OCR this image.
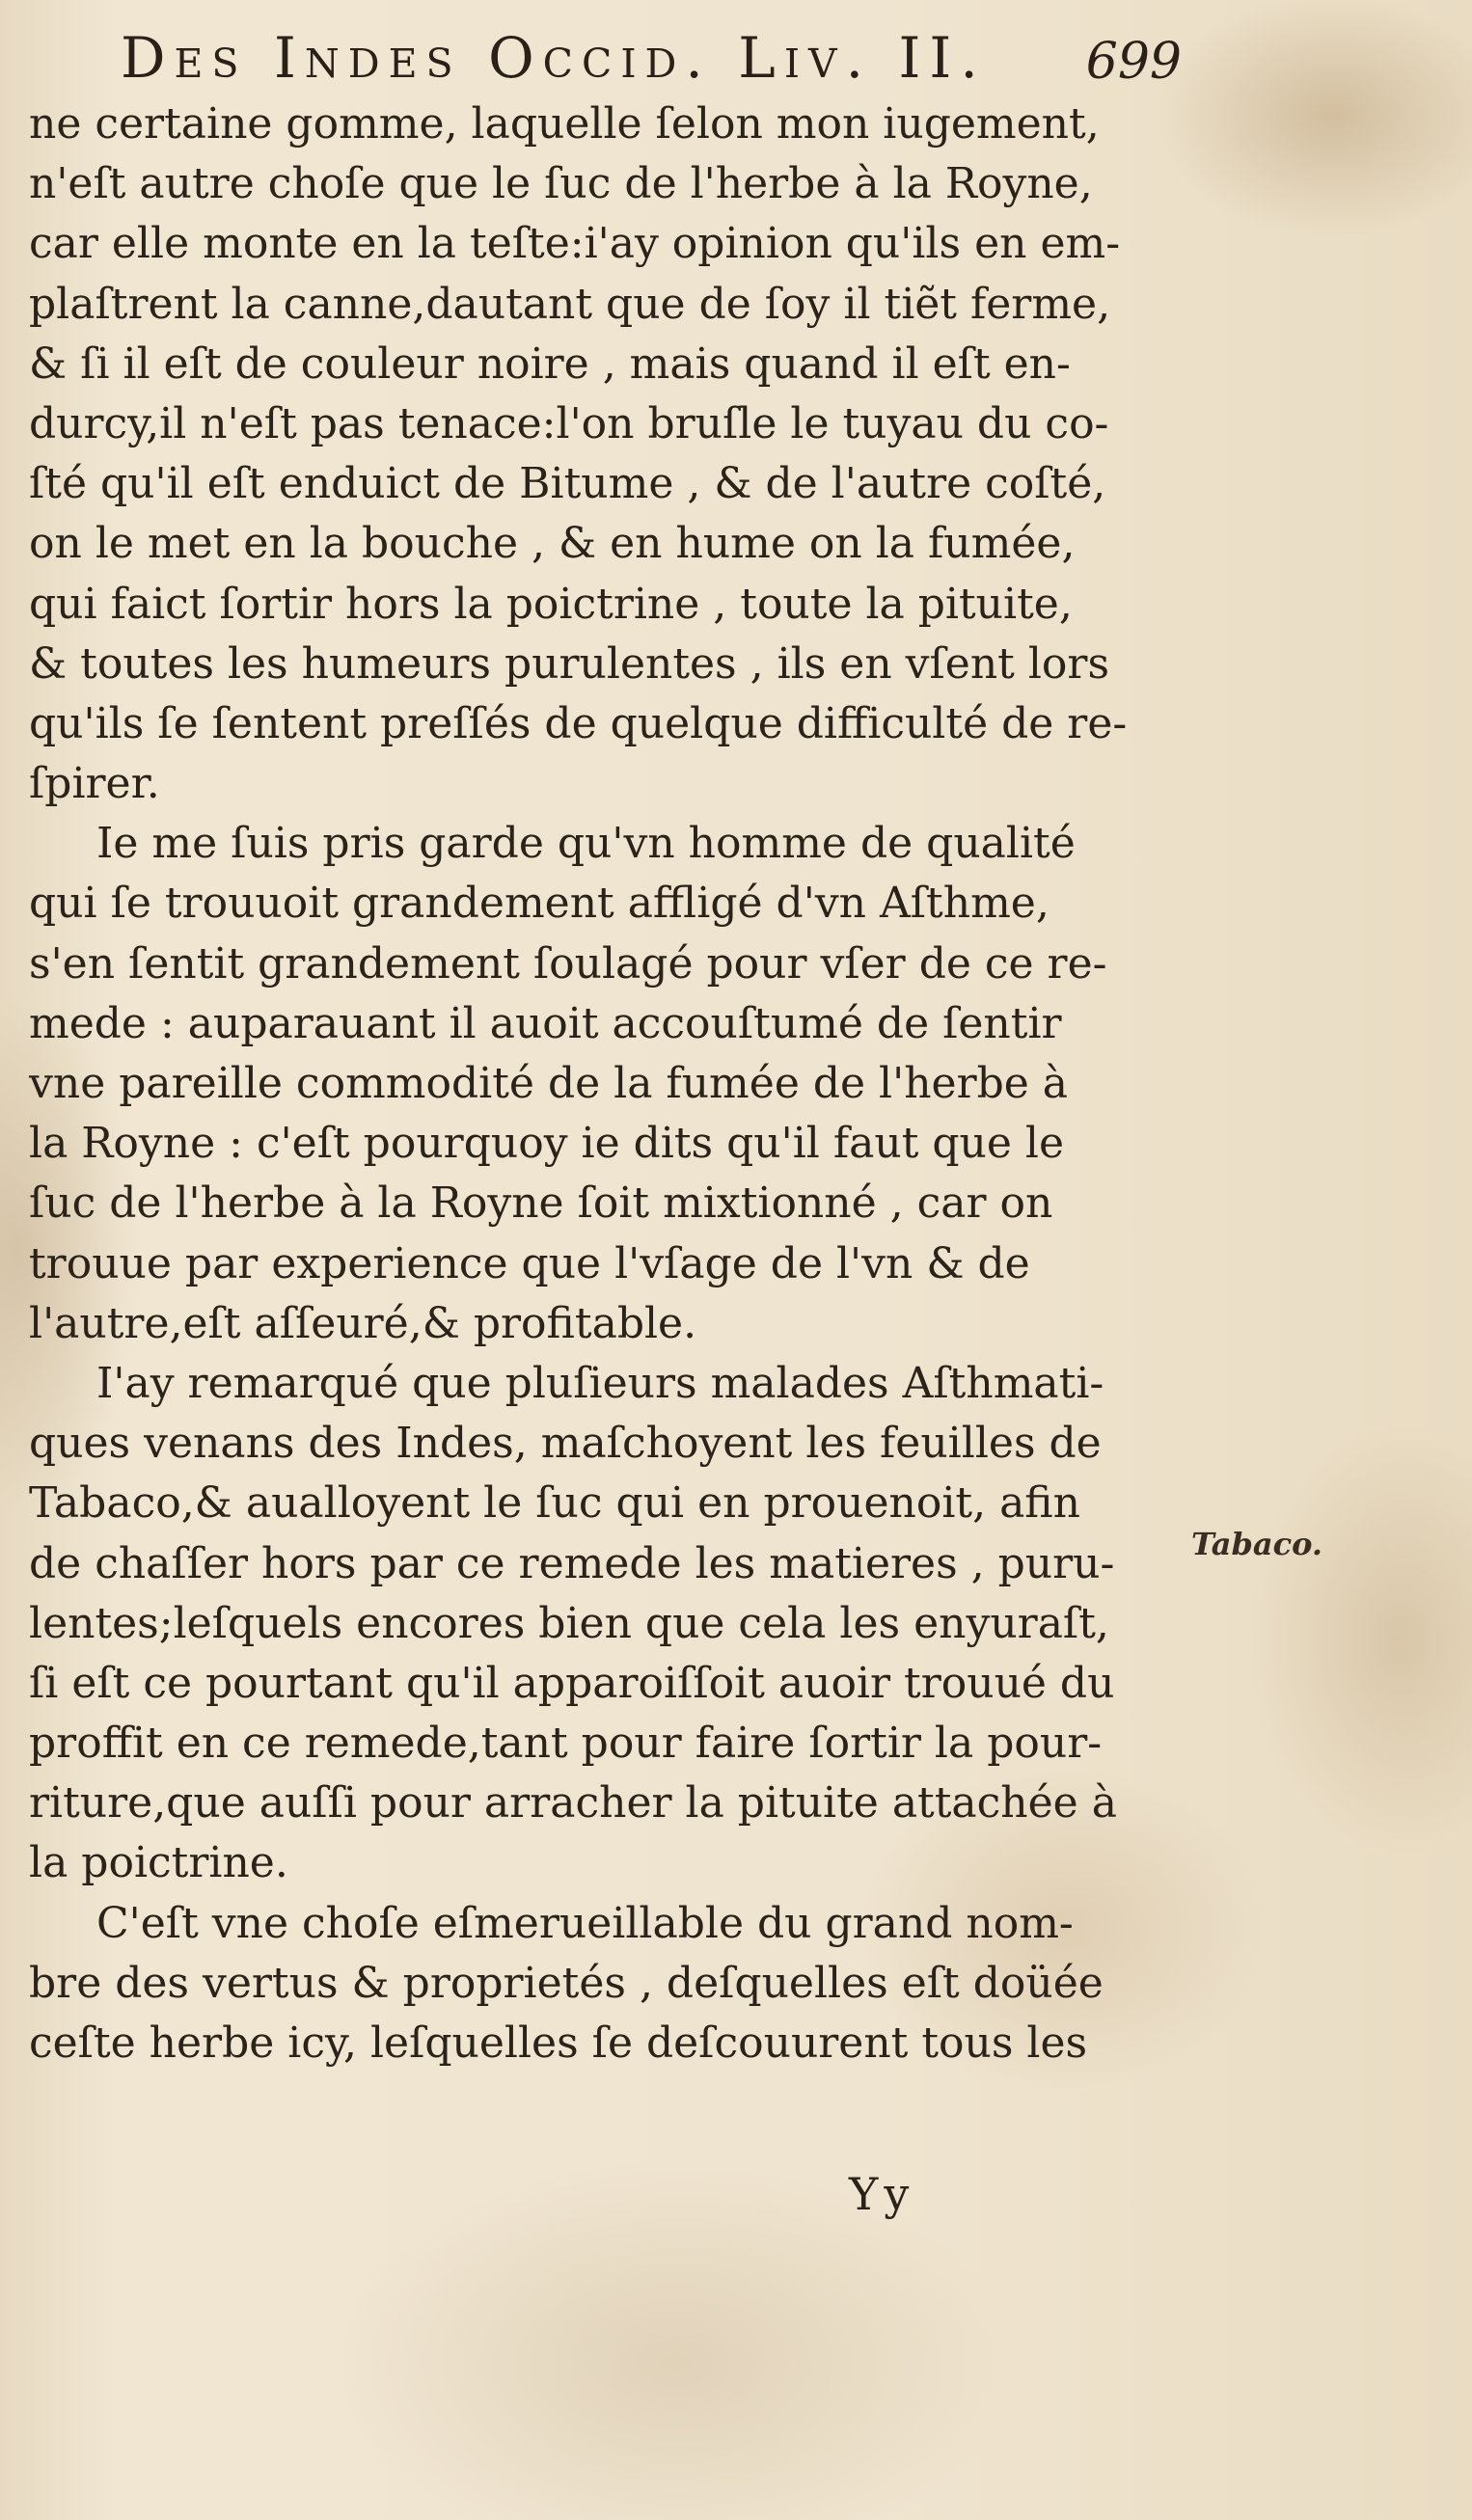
Des Indes Occid. Liv. II. 699
ne certaine gomme, laquelle ſelon mon iugement,
n'eſt autre choſe que le ſuc de l'herbe à la Royne,
car elle monte en la teſte:i'ay opinion qu'ils en em-
plaſtrent la canne,dautant que de ſoy il tiẽt ferme,
& ſi il eſt de couleur noire , mais quand il eſt en-
durcy,il n'eſt pas tenace:l'on bruſle le tuyau du co-
ſté qu'il eſt enduict de Bitume , & de l'autre coſté,
on le met en la bouche , & en hume on la fumée,
qui faict ſortir hors la poictrine , toute la pituite,
& toutes les humeurs purulentes , ils en vſent lors
qu'ils ſe ſentent preſſés de quelque difficulté de re-
ſpirer.
Ie me ſuis pris garde qu'vn homme de qualité
qui ſe trouuoit grandement affligé d'vn Aſthme,
s'en ſentit grandement ſoulagé pour vſer de ce re-
mede : auparauant il auoit accouſtumé de ſentir
vne pareille commodité de la fumée de l'herbe à
la Royne : c'eſt pourquoy ie dits qu'il faut que le
ſuc de l'herbe à la Royne ſoit mixtionné , car on
trouue par experience que l'vſage de l'vn & de
l'autre,eſt aſſeuré,& profitable.
I'ay remarqué que pluſieurs malades Aſthmati-
ques venans des Indes, maſchoyent les feuilles de
Tabaco,& aualloyent le ſuc qui en prouenoit, afin
de chaſſer hors par ce remede les matieres , puru-
lentes;leſquels encores bien que cela les enyuraſt,
ſi eſt ce pourtant qu'il apparoiſſoit auoir trouué du
proffit en ce remede,tant pour faire ſortir la pour-
riture,que auſſi pour arracher la pituite attachée à
la poictrine.
C'eſt vne choſe eſmerueillable du grand nom-
bre des vertus & proprietés , deſquelles eſt doüée
ceſte herbe icy, leſquelles ſe deſcouurent tous les
Tabaco.
Yy
